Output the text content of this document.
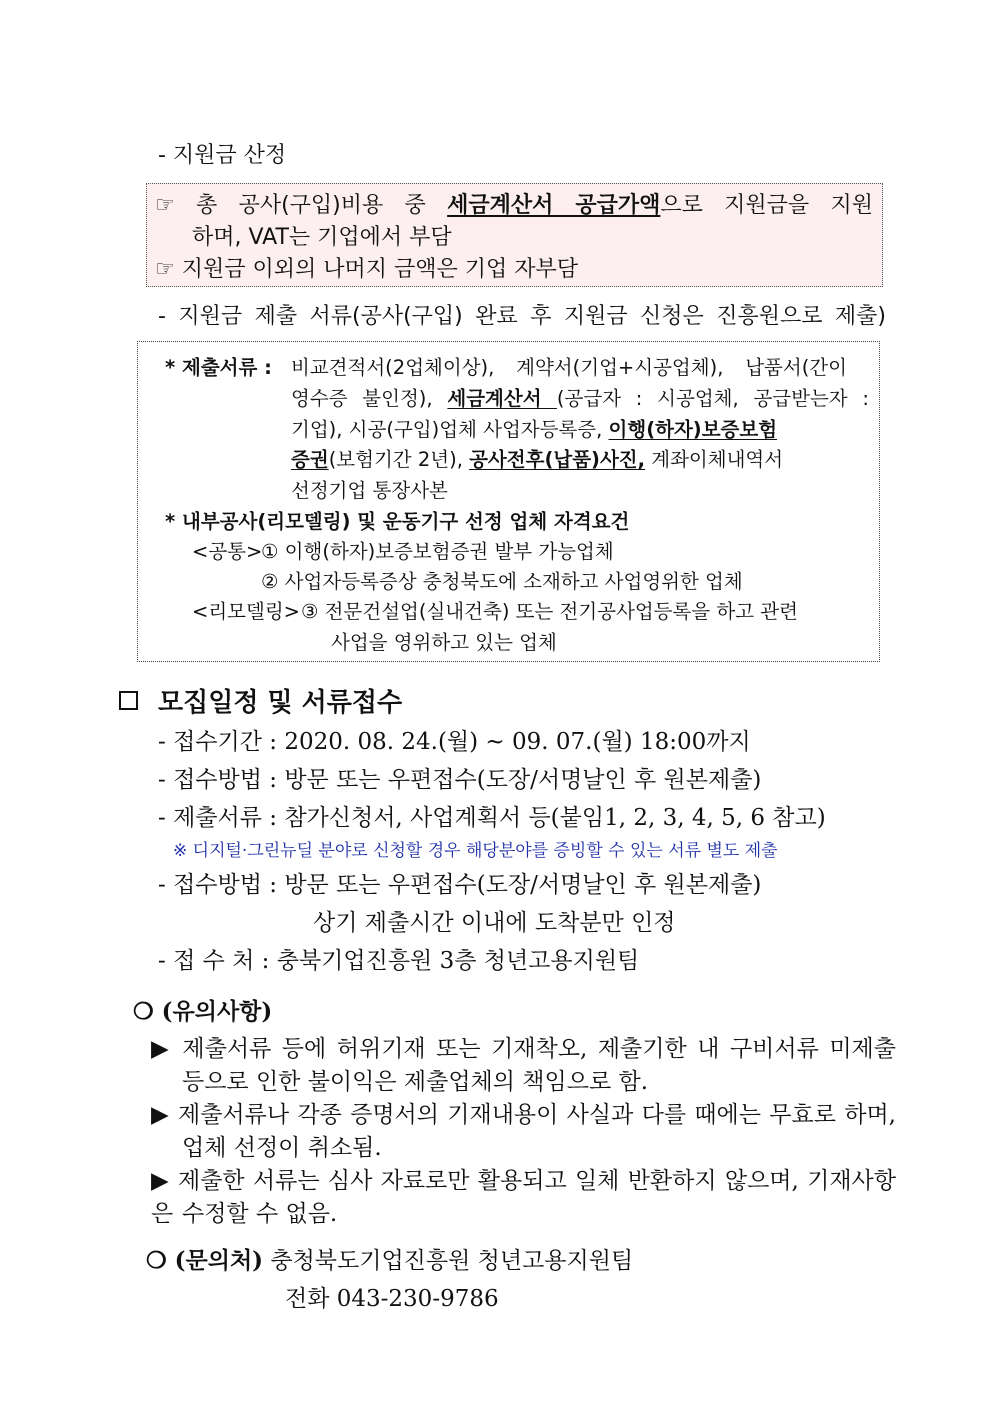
- 지원금 산정
☞ 총 공사(구입)비용 중 세금계산서 공급가액으로 지원금을 지원
하며, VAT는 기업에서 부담
☞ 지원금 이외의 나머지 금액은 기업 자부담
- 지원금 제출 서류(공사(구입) 완료 후 지원금 신청은 진흥원으로 제출)
* 제출서류 : 비교견적서(2업체이상), 계약서(기업+시공업체), 납품서(간이
영수증 불인정), 세금계산서 (공급자 : 시공업체, 공급받는자 :
기업), 시공(구입)업체 사업자등록증, 이행(하자)보증보험
증권(보험기간 2년), 공사전후(납품)사진, 계좌이체내역서
선정기업 통장사본
* 내부공사(리모델링) 및 운동기구 선정 업체 자격요건
<공통>
① 이행(하자)보증보험증권 발부 가능업체
② 사업자등록증상 충청북도에 소재하고 사업영위한 업체
<리모델링> ③ 전문건설업(실내건축) 또는 전기공사업등록을 하고 관련
사업을 영위하고 있는 업체
모집일정 및 서류접수
- 접수기간 : 2020. 08. 24.(월) ~ 09. 07.(월) 18:00까지
- 접수방법 : 방문 또는 우편접수(도장/서명날인 후 원본제출)
- 제출서류 : 참가신청서, 사업계획서 등(붙임1, 2, 3, 4, 5, 6 참고)
※ 디지털·그린뉴딜 분야로 신청할 경우 해당분야를 증빙할 수 있는 서류 별도 제출
- 접수방법 : 방문 또는 우편접수(도장/서명날인 후 원본제출)
상기 제출시간 이내에 도착분만 인정
- 접 수 처 : 충북기업진흥원 3층 청년고용지원팀
❍ (유의사항)
▶ 제출서류 등에 허위기재 또는 기재착오, 제출기한 내 구비서류 미제출
등으로 인한 불이익은 제출업체의 책임으로 함.
▶ 제출서류나 각종 증명서의 기재내용이 사실과 다를 때에는 무효로 하며,
업체 선정이 취소됨.
▶ 제출한 서류는 심사 자료로만 활용되고 일체 반환하지 않으며, 기재사항은 수정할 수 없음.
❍ (문의처) 충청북도기업진흥원 청년고용지원팀
전화 043-230-9786
